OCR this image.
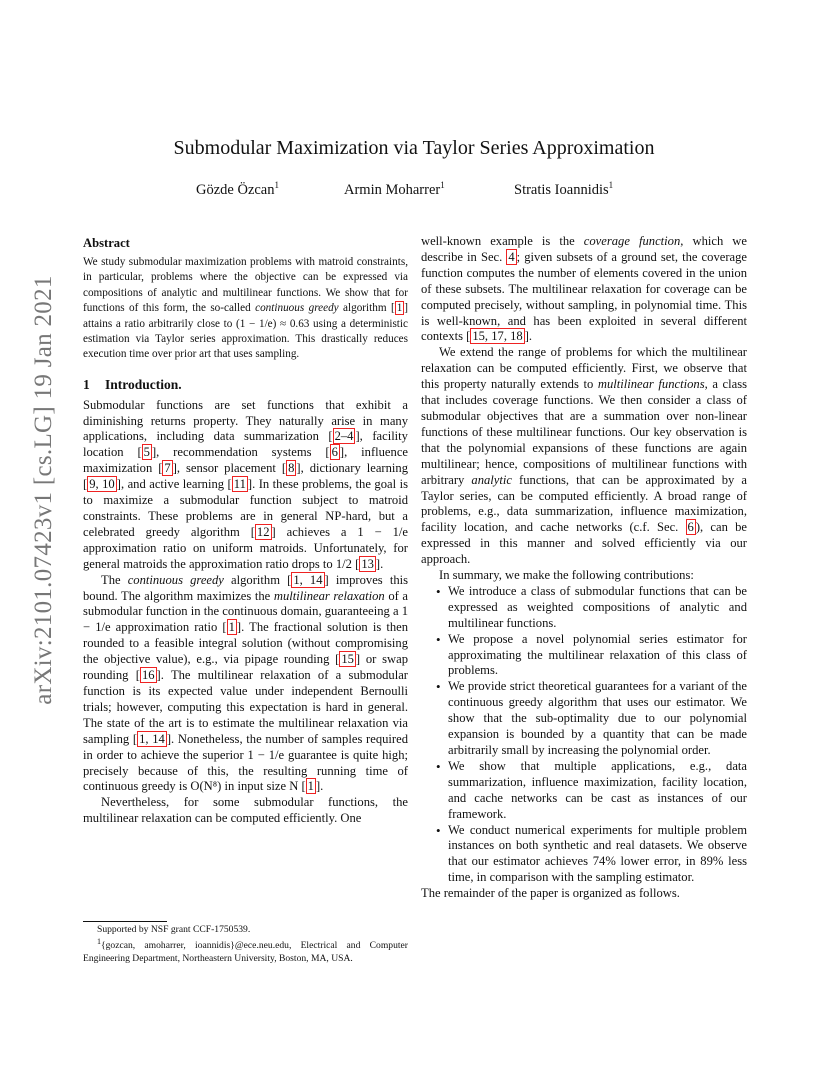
arXiv:2101.07423v1 [cs.LG] 19 Jan 2021
Submodular Maximization via Taylor Series Approximation
Gözde Özcan$^1$	Armin Moharrer$^1$	Stratis Ioannidis$^1$
Abstract

We study submodular maximization problems with matroid constraints, in particular, problems where the objective can be expressed via compositions of analytic and multilinear functions. We show that for functions of this form, the so-called continuous greedy algorithm [ 1 ] attains a ratio arbitrarily close to (1 − 1/e) ≈ 0.63 using a deterministic estimation via Taylor series approximation. This drastically reduces execution time over prior art that uses sampling.

1 Introduction.

Submodular functions are set functions that exhibit a diminishing returns property. They naturally arise in many applications, including data summarization [ 2–4 ], facility location [ 5 ], recommendation systems [ 6 ], influence maximization [ 7 ], sensor placement [ 8 ], dictionary learning [ 9, 10 ], and active learning [ 11 ]. In these problems, the goal is to maximize a submodular function subject to matroid constraints. These problems are in general NP-hard, but a celebrated greedy algorithm [ 12 ] achieves a 1 − 1/e approximation ratio on uniform matroids. Unfortunately, for general matroids the approximation ratio drops to 1/2 [ 13 ].

The continuous greedy algorithm [ 1, 14 ] improves this bound. The algorithm maximizes the multilinear relaxation of a submodular function in the continuous domain, guaranteeing a 1 − 1/e approximation ratio [ 1 ]. The fractional solution is then rounded to a feasible integral solution (without compromising the objective value), e.g., via pipage rounding [ 15 ] or swap rounding [ 16 ]. The multilinear relaxation of a submodular function is its expected value under independent Bernoulli trials; however, computing this expectation is hard in general. The state of the art is to estimate the multilinear relaxation via sampling [ 1, 14 ]. Nonetheless, the number of samples required in order to achieve the superior 1 − 1/e guarantee is quite high; precisely because of this, the resulting running time of continuous greedy is O(N⁸) in input size N [ 1 ].

Nevertheless, for some submodular functions, the multilinear relaxation can be computed efficiently. One

Supported by NSF grant CCF-1750539.

$^1${gozcan, amoharrer, ioannidis}@ece.neu.edu, Electrical and Computer Engineering Department, Northeastern University, Boston, MA, USA.

well-known example is the coverage function, which we describe in Sec. 4 ; given subsets of a ground set, the coverage function computes the number of elements covered in the union of these subsets. The multilinear relaxation for coverage can be computed precisely, without sampling, in polynomial time. This is well-known, and has been exploited in several different contexts [ 15, 17, 18 ].

We extend the range of problems for which the multilinear relaxation can be computed efficiently. First, we observe that this property naturally extends to multilinear functions, a class that includes coverage functions. We then consider a class of submodular objectives that are a summation over non-linear functions of these multilinear functions. Our key observation is that the polynomial expansions of these functions are again multilinear; hence, compositions of multilinear functions with arbitrary analytic functions, that can be approximated by a Taylor series, can be computed efficiently. A broad range of problems, e.g., data summarization, influence maximization, facility location, and cache networks (c.f. Sec. 6 ), can be expressed in this manner and solved efficiently via our approach.

In summary, we make the following contributions:

• We introduce a class of submodular functions that can be expressed as weighted compositions of analytic and multilinear functions.
• We propose a novel polynomial series estimator for approximating the multilinear relaxation of this class of problems.
• We provide strict theoretical guarantees for a variant of the continuous greedy algorithm that uses our estimator. We show that the sub-optimality due to our polynomial expansion is bounded by a quantity that can be made arbitrarily small by increasing the polynomial order.
• We show that multiple applications, e.g., data summarization, influence maximization, facility location, and cache networks can be cast as instances of our framework.
• We conduct numerical experiments for multiple problem instances on both synthetic and real datasets. We observe that our estimator achieves 74% lower error, in 89% less time, in comparison with the sampling estimator.

The remainder of the paper is organized as follows.
